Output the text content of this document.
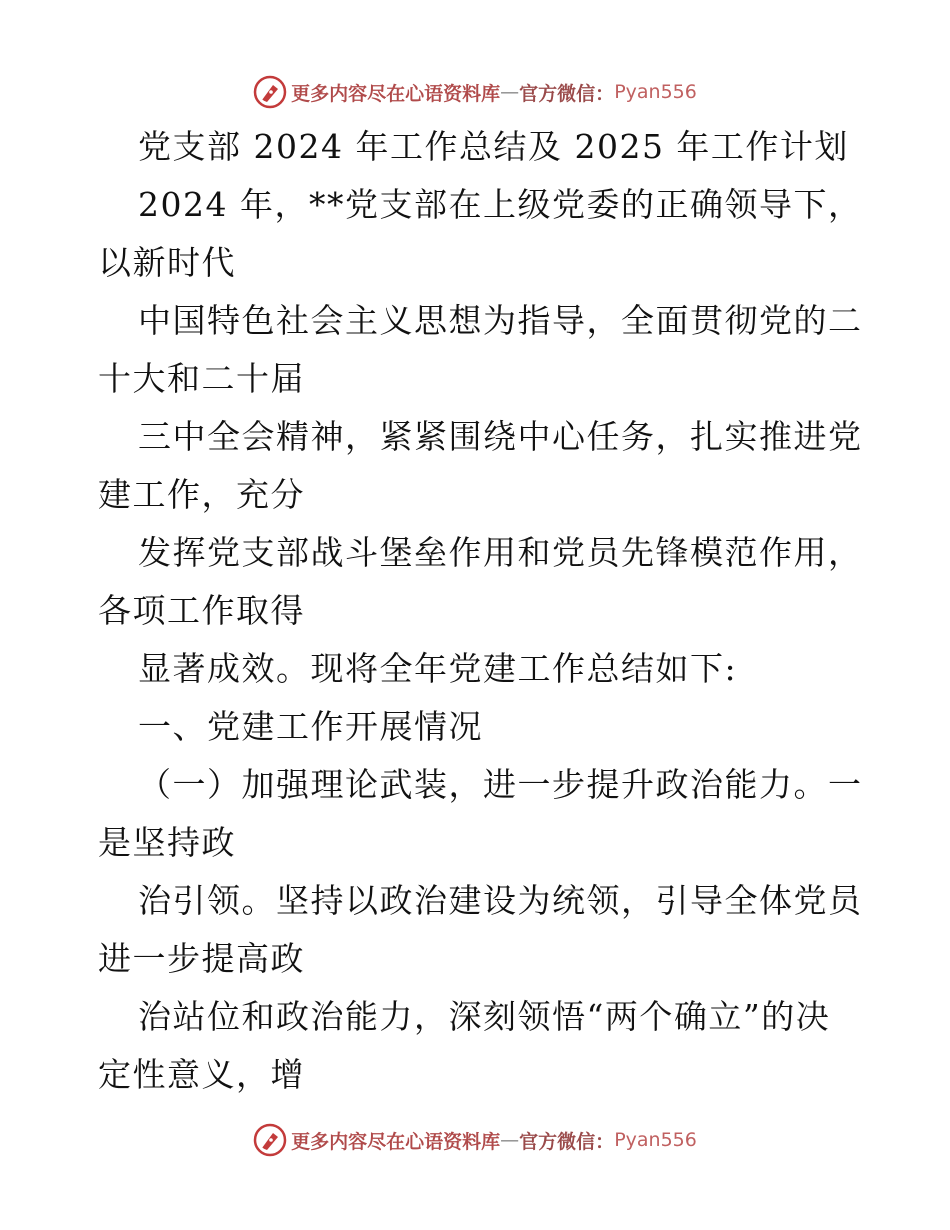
更多内容尽在心语资料库 — 官方微信： Pyan556
党支部 2024 年工作总结及 2025 年工作计划
2024 年，**党支部在上级党委的正确领导下，
以新时代
中国特色社会主义思想为指导，全面贯彻党的二
十大和二十届
三中全会精神，紧紧围绕中心任务，扎实推进党
建工作，充分
发挥党支部战斗堡垒作用和党员先锋模范作用，
各项工作取得
显著成效。现将全年党建工作总结如下:
一、党建工作开展情况
（一）加强理论武装，进一步提升政治能力。一
是坚持政
治引领。坚持以政治建设为统领，引导全体党员
进一步提高政
治站位和政治能力，深刻领悟“两个确立”的决
定性意义，增
更多内容尽在心语资料库 — 官方微信： Pyan556
